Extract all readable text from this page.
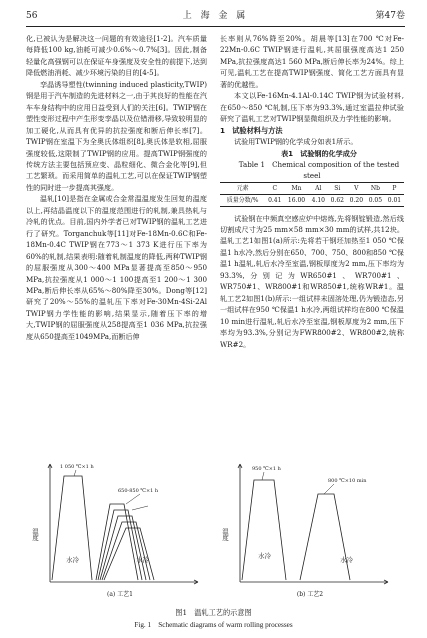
56	上 海 金 属	第47卷

化,已被认为是解决这一问题的有效途径[1-2]。汽车质量每降低100 kg,油耗可减少0.6%～0.7%[3]。因此,制备轻量化高强钢可以在保证车身强度及安全性的前提下,达到降低燃油消耗、减少环境污染的目的[4-5]。

孪晶诱导塑性(twinning induced plasticity,TWIP)钢是用于汽车制造的先进材料之一,由于其良好的性能在汽车车身结构中的应用日益受到人们的关注[6]。TWIP钢在塑性变形过程中产生形变孪晶以及位错滑移,导致较明显的加工硬化,从而具有优异的抗拉强度和断后伸长率[7]。TWIP钢在室温下为全奥氏体组织[8],奥氏体是软相,屈服强度较低,这限制了TWIP钢的应用。提高TWIP钢强度的传统方法主要包括预应变、晶粒细化、微合金化等[9],但工艺繁琐。而采用简单的温轧工艺,可以在保证TWIP钢塑性的同时进一步提高其强度。

温轧[10]是指在金属或合金常温温度发生回复的温度以上,再结晶温度以下的温度范围进行的轧制,兼具热轧与冷轧的优点。目前,国内外学者已对TWIP钢的温轧工艺进行了研究。Torganchuk等[11]对Fe-18Mn-0.6C和Fe-18Mn-0.4C TWIP钢在773～1 373 K进行压下率为60%的轧制,结果表明:随着轧制温度的降低,两种TWIP钢的屈服强度从300～400 MPa显著提高至850～950 MPa,抗拉强度从1 000～1 100提高至1 200～1 300 MPa,断后伸长率从65%～80%降至30%。Dong等[12]研究了20%～55%的温轧压下率对Fe-30Mn-4Si-2Al TWIP钢力学性能的影响,结果显示,随着压下率的增大,TWIP钢的屈服强度从258提高至1 036 MPa,抗拉强度从650提高至1049MPa,而断后伸

长率则从76%降至20%。胡晨等[13]在700 ℃对Fe-22Mn-0.6C TWIP钢进行温轧,其屈服强度高达1 250 MPa,抗拉强度高达1 560 MPa,断后伸长率为24%。综上可见,温轧工艺在提高TWIP钢强度、简化工艺方面具有显著的优越性。

本文以Fe-16Mn-4.1Al-0.14C TWIP钢为试验材料,在650～850 ℃轧制,压下率为93.3%,通过室温拉伸试验研究了温轧工艺对TWIP钢显微组织及力学性能的影响。

1　试验材料与方法

试验用TWIP钢的化学成分如表1所示。

表1　试验钢的化学成分

Table 1　Chemical composition of the tested steel

元素	C	Mn	Al	Si	V	Nb	P
质量分数/%	0.41	16.00	4.10	0.62	0.20	0.05	0.01

试验钢在中频真空感应炉中熔炼,先将钢锭锻造,然后线切割成尺寸为25 mm×58 mm×30 mm的试样,共12块。温轧工艺1如图1(a)所示:先将若干钢坯加热至1 050 ℃保温1 h水冷,然后分别在650、700、750、800和850 ℃保温1 h温轧,轧后水冷至室温,钢板厚度为2 mm,压下率均为93.3%,分别记为WR650#1、WR700#1、WR750#1、WR800#1和WR850#1,统称WR#1。温轧工艺2如图1(b)所示:一组试样未固溶处理,仍为锻造态,另一组试样在950 ℃保温1 h水冷,两组试样均在800 ℃保温10 min进行温轧,轧后水冷至室温,钢板厚度为2 mm,压下率均为93.3%,分别记为FWR800#2、WR800#2,统称WR#2。

温度
1 050 ℃×1 h
650-850 ℃×1 h
水冷	水冷
(a) 工艺1
温度
950 ℃×1 h
800 ℃×10 min
水冷	水冷
(b) 工艺2
图1　温轧工艺的示意图
Fig. 1　Schematic diagrams of warm rolling processes
